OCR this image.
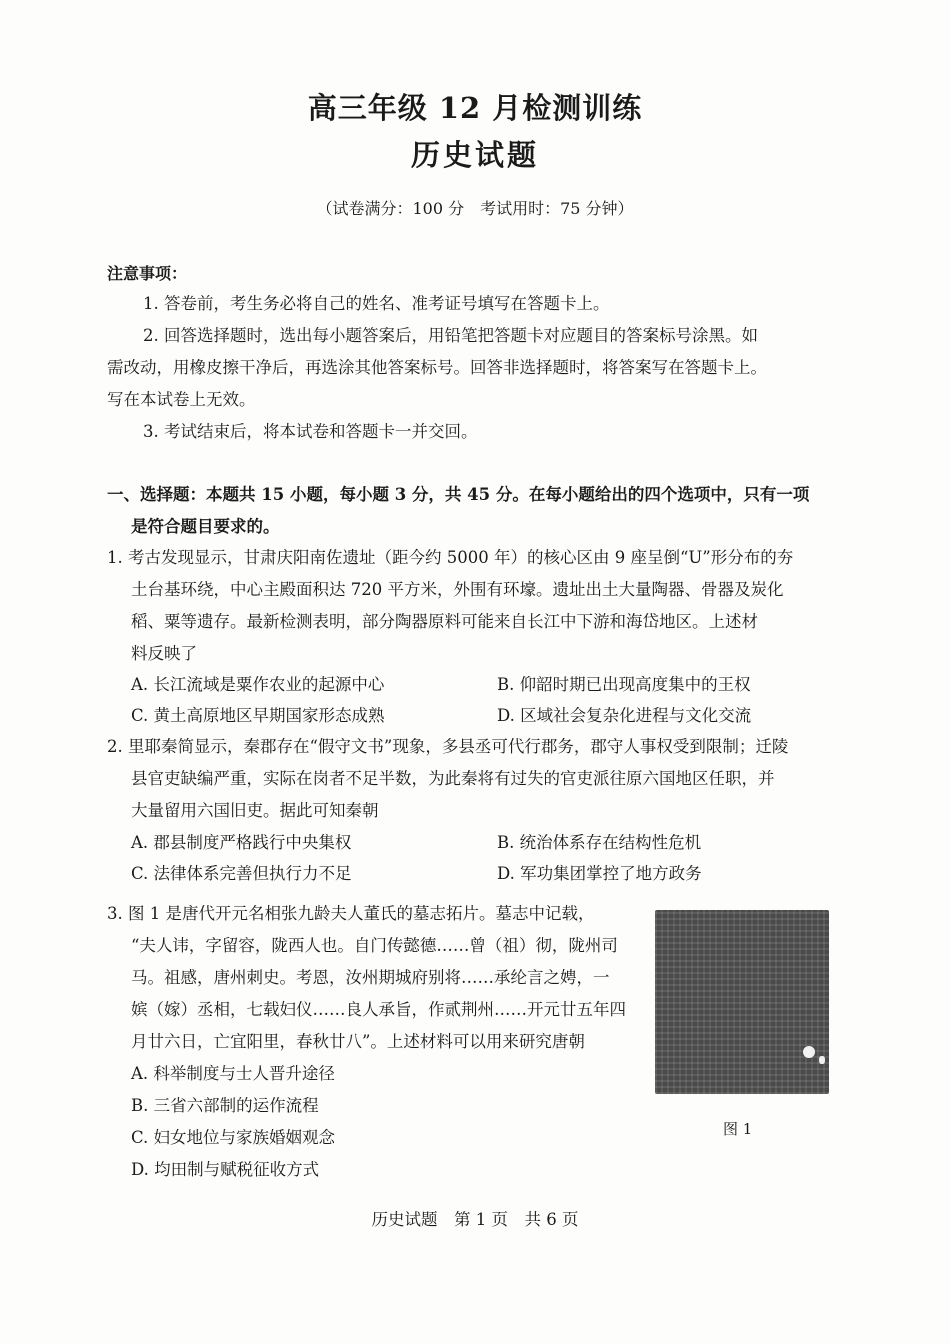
高三年级 12 月检测训练
历史试题
（试卷满分：100 分　考试用时：75 分钟）
注意事项：
1. 答卷前，考生务必将自己的姓名、准考证号填写在答题卡上。
2. 回答选择题时，选出每小题答案后，用铅笔把答题卡对应题目的答案标号涂黑。如
需改动，用橡皮擦干净后，再选涂其他答案标号。回答非选择题时，将答案写在答题卡上。
写在本试卷上无效。
3. 考试结束后，将本试卷和答题卡一并交回。
一、选择题：本题共 15 小题，每小题 3 分，共 45 分。在每小题给出的四个选项中，只有一项
是符合题目要求的。
1. 考古发现显示，甘肃庆阳南佐遗址（距今约 5000 年）的核心区由 9 座呈倒“U”形分布的夯
土台基环绕，中心主殿面积达 720 平方米，外围有环壕。遗址出土大量陶器、骨器及炭化
稻、粟等遗存。最新检测表明，部分陶器原料可能来自长江中下游和海岱地区。上述材
料反映了
A. 长江流域是粟作农业的起源中心	B. 仰韶时期已出现高度集中的王权
C. 黄土高原地区早期国家形态成熟	D. 区域社会复杂化进程与文化交流
2. 里耶秦简显示，秦郡存在“假守文书”现象，多县丞可代行郡务，郡守人事权受到限制；迁陵
县官吏缺编严重，实际在岗者不足半数，为此秦将有过失的官吏派往原六国地区任职，并
大量留用六国旧吏。据此可知秦朝
A. 郡县制度严格践行中央集权	B. 统治体系存在结构性危机
C. 法律体系完善但执行力不足	D. 军功集团掌控了地方政务
3. 图 1 是唐代开元名相张九龄夫人董氏的墓志拓片。墓志中记载，
“夫人讳，字留容，陇西人也。自门传懿德……曾（祖）彻，陇州司
马。祖感，唐州刺史。考恩，汝州期城府别将……承纶言之娉，一
嫔（嫁）丞相，七载妇仪……良人承旨，作贰荆州……开元廿五年四
月廿六日，亡宜阳里，春秋廿八”。上述材料可以用来研究唐朝
A. 科举制度与士人晋升途径
B. 三省六部制的运作流程
C. 妇女地位与家族婚姻观念
D. 均田制与赋税征收方式
图 1
历史试题　第 1 页　共 6 页
